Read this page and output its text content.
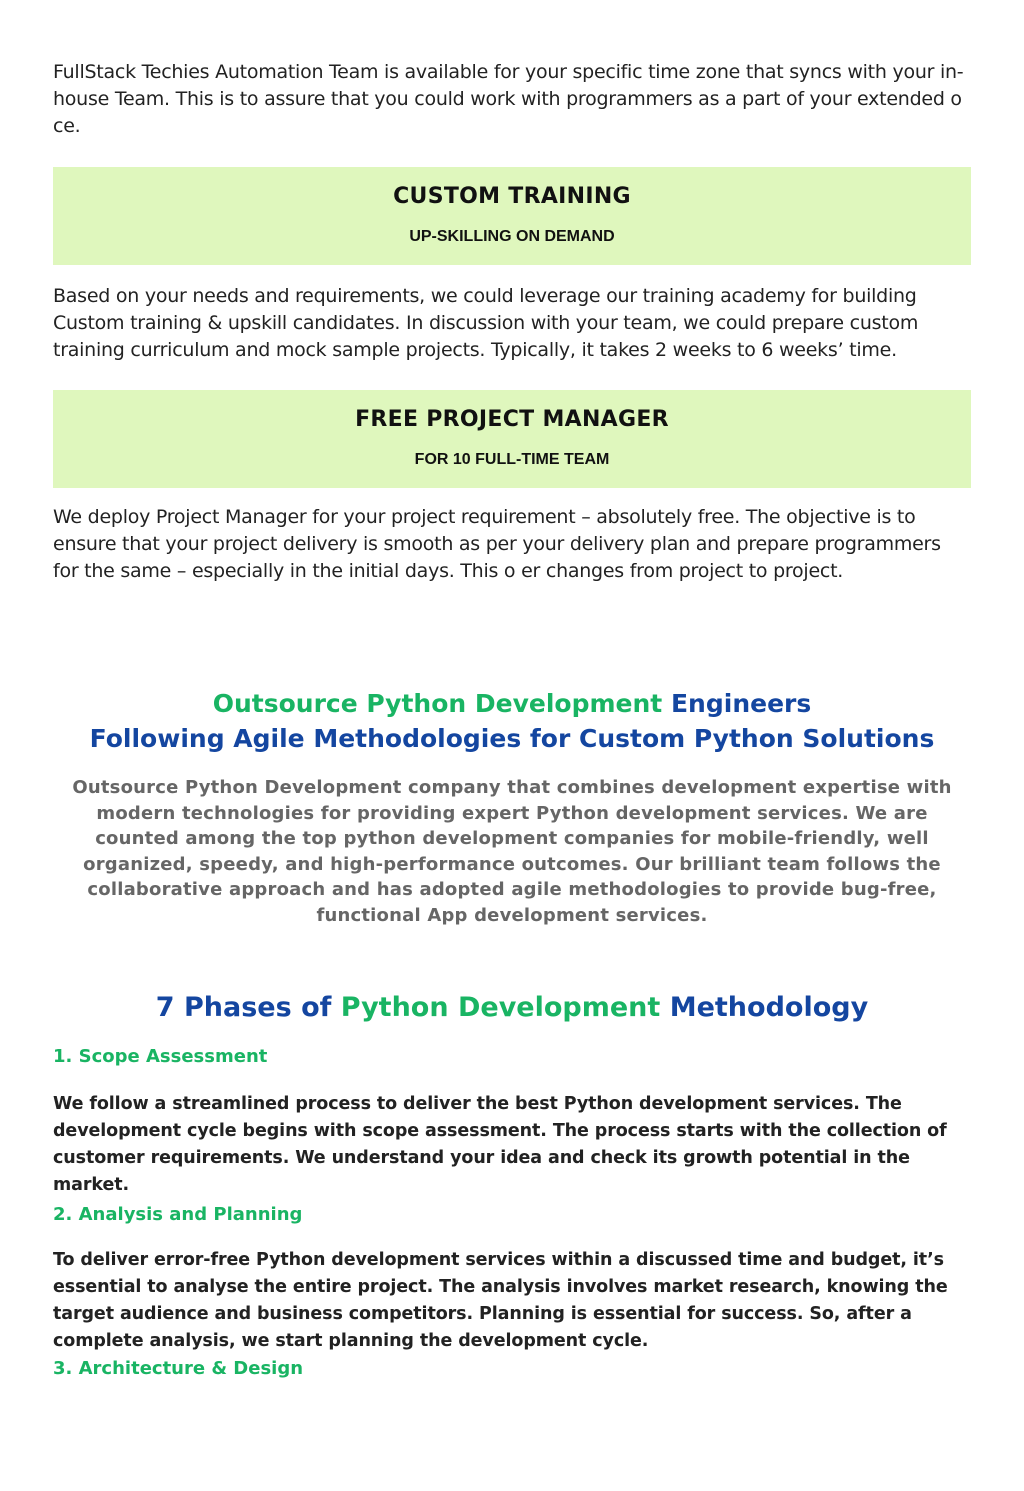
FullStack Techies Automation Team is available for your specific time zone that syncs with your in-house Team. This is to assure that you could work with programmers as a part of your extended o ce.

CUSTOM TRAINING

UP-SKILLING ON DEMAND

Based on your needs and requirements, we could leverage our training academy for building Custom training & upskill candidates. In discussion with your team, we could prepare custom training curriculum and mock sample projects. Typically, it takes 2 weeks to 6 weeks’ time.

FREE PROJECT MANAGER

FOR 10 FULL-TIME TEAM

We deploy Project Manager for your project requirement – absolutely free. The objective is to ensure that your project delivery is smooth as per your delivery plan and prepare programmers for the same – especially in the initial days. This o er changes from project to project.

Outsource Python Development Engineers

Following Agile Methodologies for Custom Python Solutions

Outsource Python Development company that combines development expertise with modern technologies for providing expert Python development services. We are counted among the top python development companies for mobile-friendly, well organized, speedy, and high-performance outcomes. Our brilliant team follows the collaborative approach and has adopted agile methodologies to provide bug-free, functional App development services.

7 Phases of Python Development Methodology

1. Scope Assessment

We follow a streamlined process to deliver the best Python development services. The development cycle begins with scope assessment. The process starts with the collection of customer requirements. We understand your idea and check its growth potential in the market.

2. Analysis and Planning

To deliver error-free Python development services within a discussed time and budget, it’s essential to analyse the entire project. The analysis involves market research, knowing the target audience and business competitors. Planning is essential for success. So, after a complete analysis, we start planning the development cycle.

3. Architecture & Design
